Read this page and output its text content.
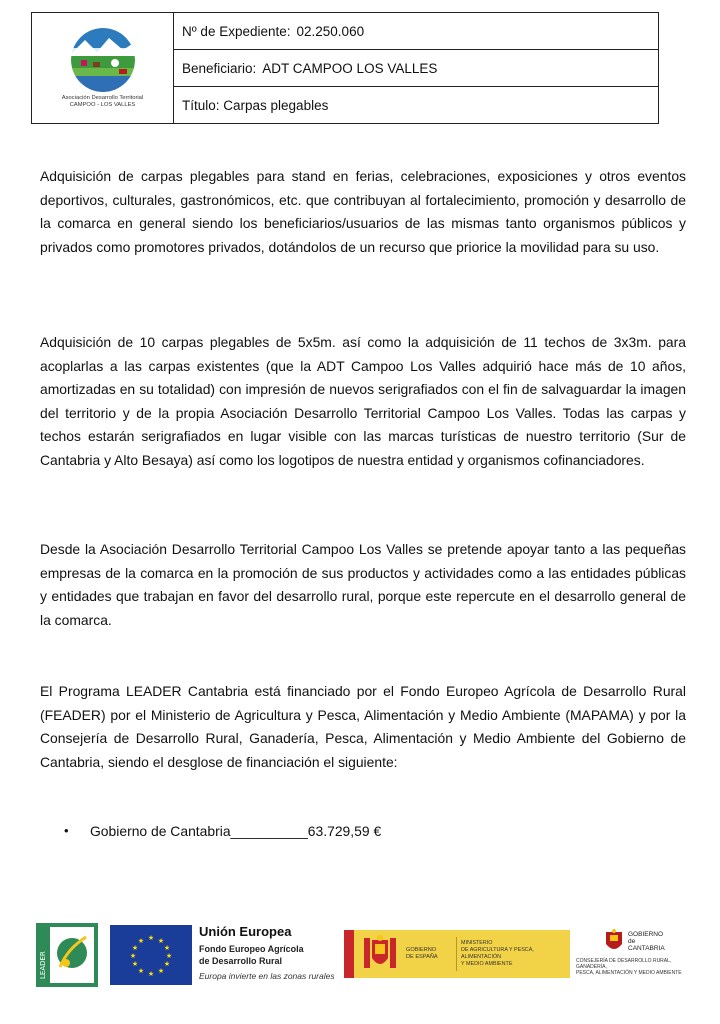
Asociación Desarrollo Territorial
CAMPOO - LOS VALLES
Nº de Expediente: 02.250.060
Beneficiario: ADT CAMPOO LOS VALLES
Título: Carpas plegables

Adquisición de carpas plegables para stand en ferias, celebraciones, exposiciones y otros eventos deportivos, culturales, gastronómicos, etc. que contribuyan al fortalecimiento, promoción y desarrollo de la comarca en general siendo los beneficiarios/usuarios de las mismas tanto organismos públicos y privados como promotores privados, dotándolos de un recurso que priorice la movilidad para su uso.

Adquisición de 10 carpas plegables de 5x5m. así como la adquisición de 11 techos de 3x3m. para acoplarlas a las carpas existentes (que la ADT Campoo Los Valles adquirió hace más de 10 años, amortizadas en su totalidad) con impresión de nuevos serigrafiados con el fin de salvaguardar la imagen del territorio y de la propia Asociación Desarrollo Territorial Campoo Los Valles. Todas las carpas y techos estarán serigrafiados en lugar visible con las marcas turísticas de nuestro territorio (Sur de Cantabria y Alto Besaya) así como los logotipos de nuestra entidad y organismos cofinanciadores.

Desde la Asociación Desarrollo Territorial Campoo Los Valles se pretende apoyar tanto a las pequeñas empresas de la comarca en la promoción de sus productos y actividades como a las entidades públicas y entidades que trabajan en favor del desarrollo rural, porque este repercute en el desarrollo general de la comarca.

El Programa LEADER Cantabria está financiado por el Fondo Europeo Agrícola de Desarrollo Rural (FEADER) por el Ministerio de Agricultura y Pesca, Alimentación y Medio Ambiente (MAPAMA) y por la Consejería de Desarrollo Rural, Ganadería, Pesca, Alimentación y Medio Ambiente del Gobierno de Cantabria, siendo el desglose de financiación el siguiente:

•	Gobierno de Cantabria__________63.729,59 €
LEADER
★ ★
★
★
★
★
★
★
★
★
★
★
Unión Europea
Fondo Europeo Agrícola
de Desarrollo Rural
Europa invierte en las zonas rurales
GOBIERNO
DE ESPAÑA
MINISTERIO
DE AGRICULTURA Y PESCA, ALIMENTACIÓN
Y MEDIO AMBIENTE
GOBIERNO
de
CANTABRIA
CONSEJERÍA DE DESARROLLO RURAL, GANADERÍA,
PESCA, ALIMENTACIÓN Y MEDIO AMBIENTE
